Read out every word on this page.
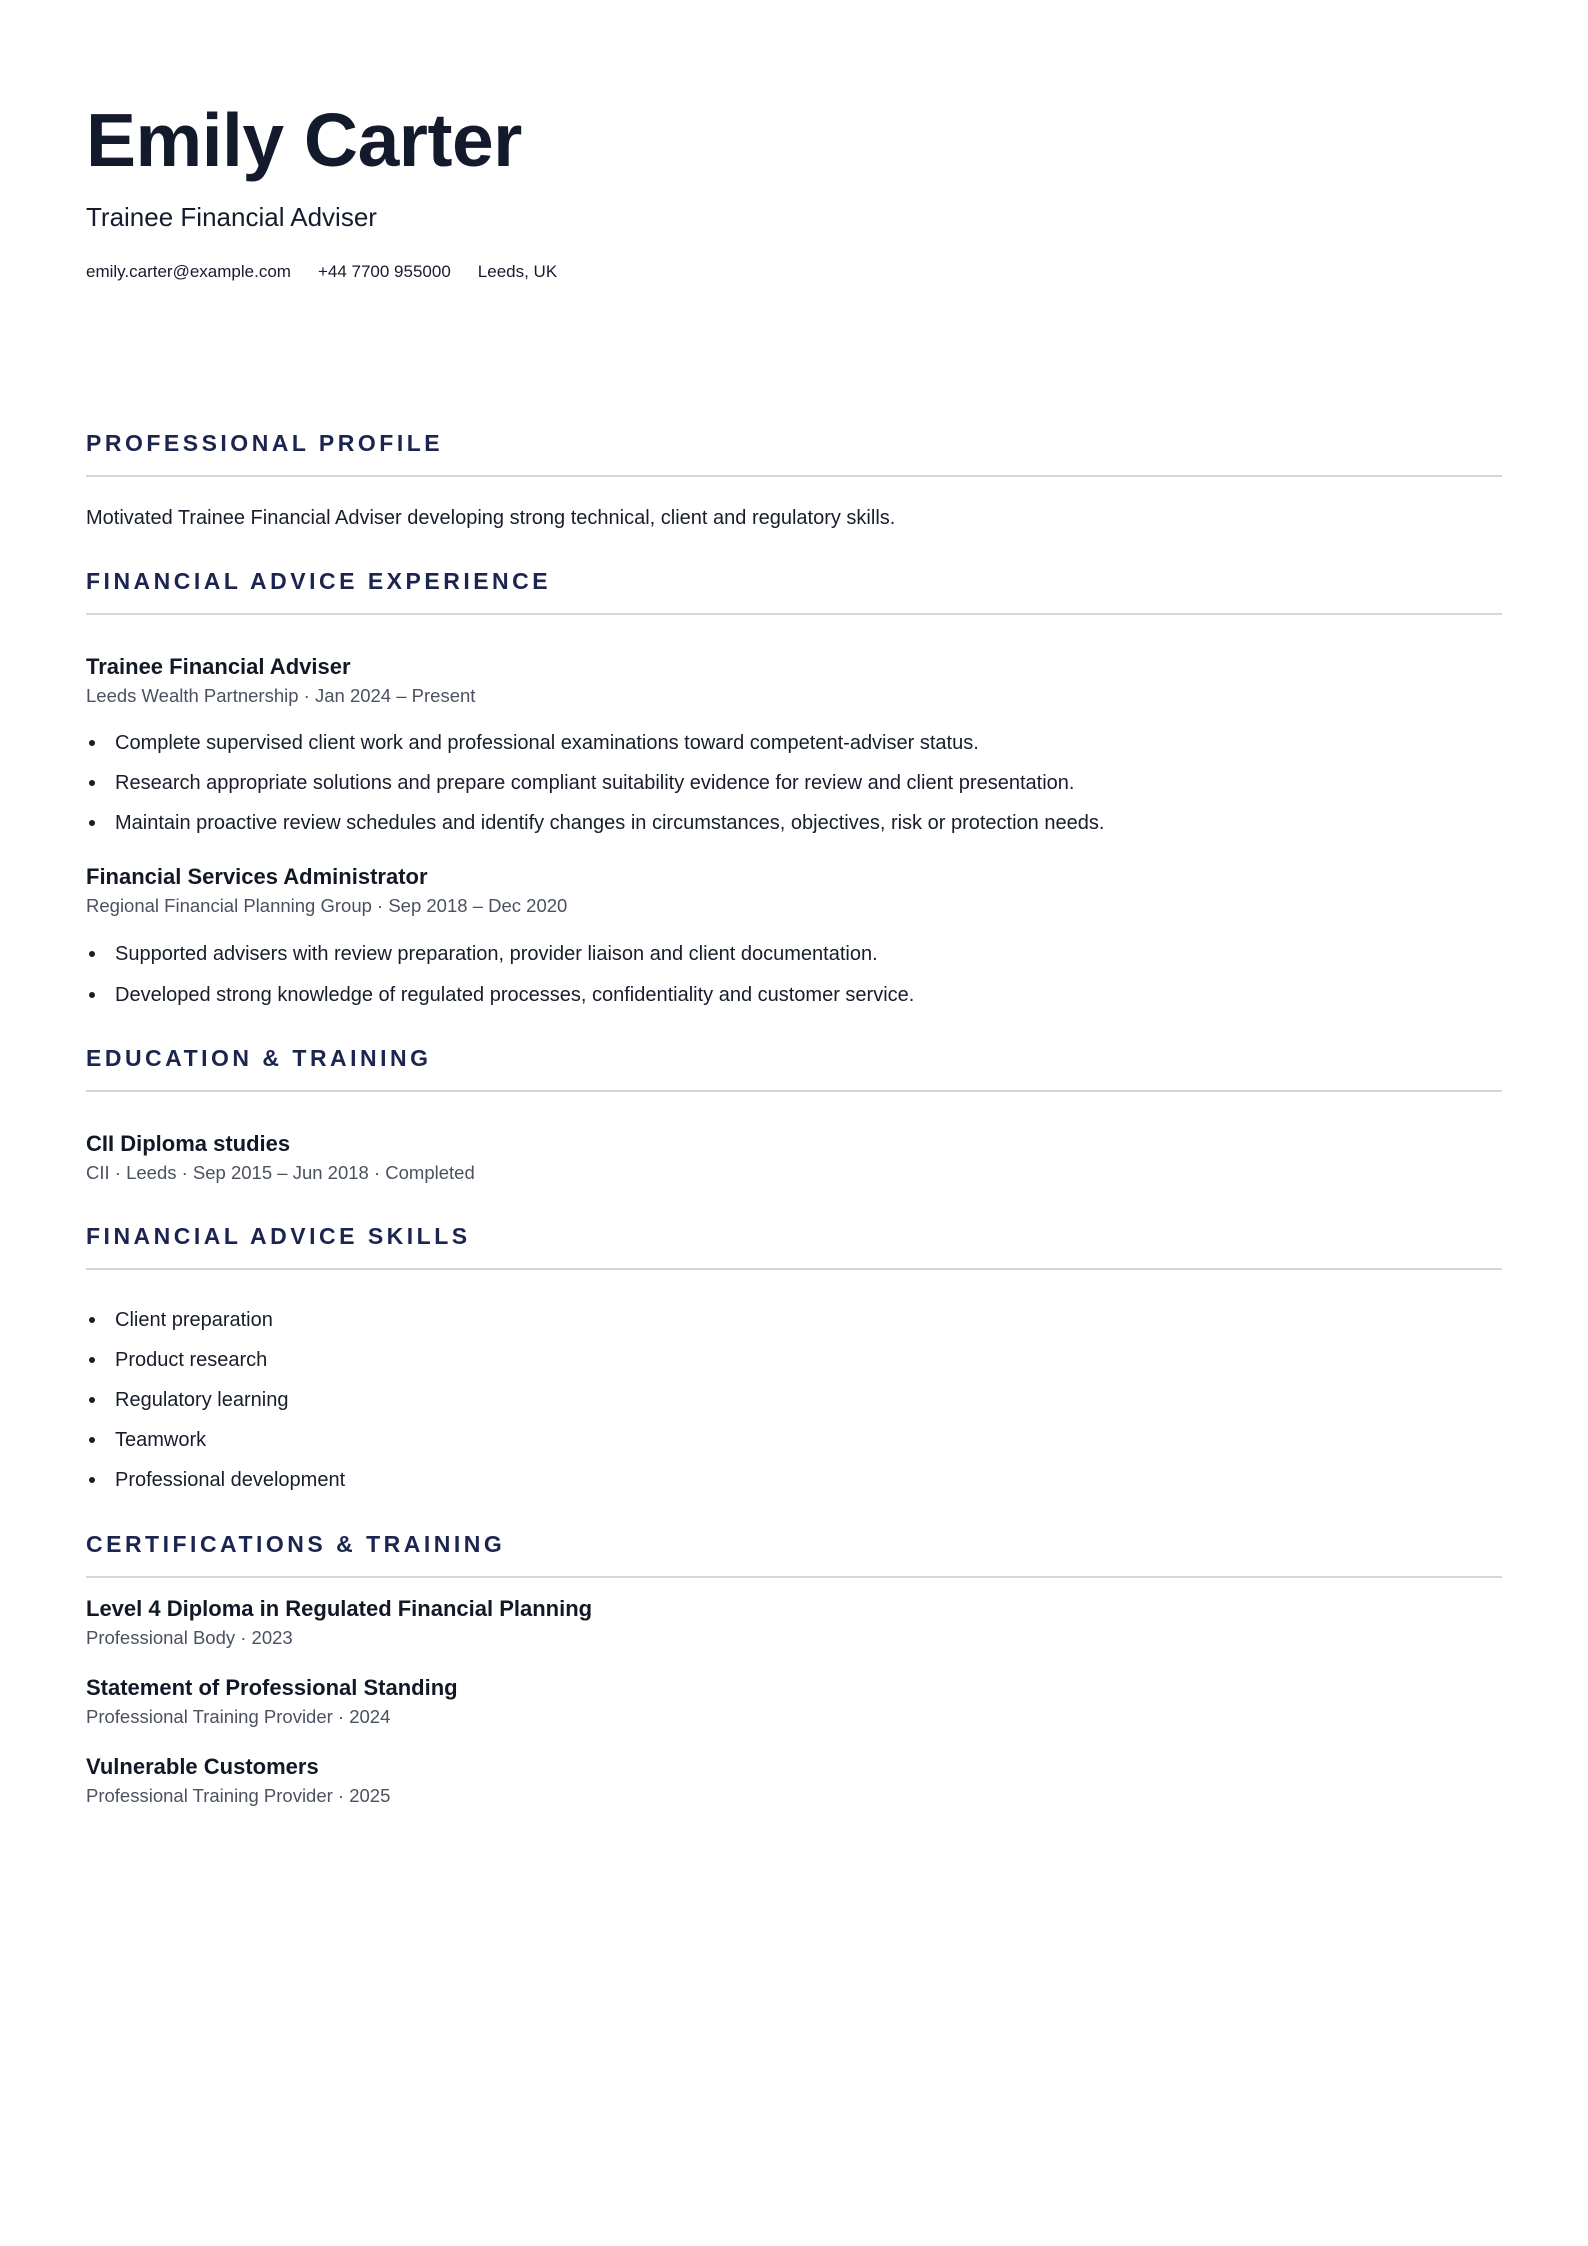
Emily Carter
Trainee Financial Adviser
emily.carter@example.com +44 7700 955000 Leeds, UK
PROFESSIONAL PROFILE
Motivated Trainee Financial Adviser developing strong technical, client and regulatory skills.
FINANCIAL ADVICE EXPERIENCE
Trainee Financial Adviser
Leeds Wealth Partnership · Jan 2024 – Present
Complete supervised client work and professional examinations toward competent-adviser status.
Research appropriate solutions and prepare compliant suitability evidence for review and client presentation.
Maintain proactive review schedules and identify changes in circumstances, objectives, risk or protection needs.
Financial Services Administrator
Regional Financial Planning Group · Sep 2018 – Dec 2020
Supported advisers with review preparation, provider liaison and client documentation.
Developed strong knowledge of regulated processes, confidentiality and customer service.
EDUCATION & TRAINING
CII Diploma studies
CII · Leeds · Sep 2015 – Jun 2018 · Completed
FINANCIAL ADVICE SKILLS
Client preparation
Product research
Regulatory learning
Teamwork
Professional development
CERTIFICATIONS & TRAINING
Level 4 Diploma in Regulated Financial Planning
Professional Body · 2023
Statement of Professional Standing
Professional Training Provider · 2024
Vulnerable Customers
Professional Training Provider · 2025
